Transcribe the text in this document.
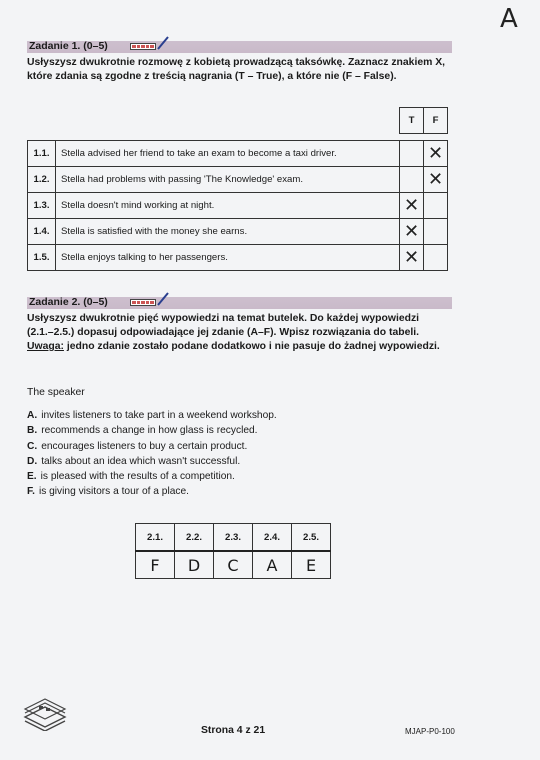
A
Zadanie 1. (0–5)
Usłyszysz dwukrotnie rozmowę z kobietą prowadzącą taksówkę. Zaznacz znakiem X,
które zdania są zgodne z treścią nagrania (T – True), a które nie (F – False).
		T	F

1.1.	Stella advised her friend to take an exam to become a taxi driver.		✕
1.2.	Stella had problems with passing 'The Knowledge' exam.		✕
1.3.	Stella doesn't mind working at night.	✕	
1.4.	Stella is satisfied with the money she earns.	✕	
1.5.	Stella enjoys talking to her passengers.	✕	
Zadanie 2. (0–5)
Usłyszysz dwukrotnie pięć wypowiedzi na temat butelek. Do każdej wypowiedzi
(2.1.–2.5.) dopasuj odpowiadające jej zdanie (A–F). Wpisz rozwiązania do tabeli.
Uwaga: jedno zdanie zostało podane dodatkowo i nie pasuje do żadnej wypowiedzi.
The speaker
A. invites listeners to take part in a weekend workshop.
B. recommends a change in how glass is recycled.
C. encourages listeners to buy a certain product.
D. talks about an idea which wasn't successful.
E. is pleased with the results of a competition.
F. is giving visitors a tour of a place.
2.1.	2.2.	2.3.	2.4.	2.5.
F	D	C	A	E
Strona 4 z 21	MJAP-P0-100
